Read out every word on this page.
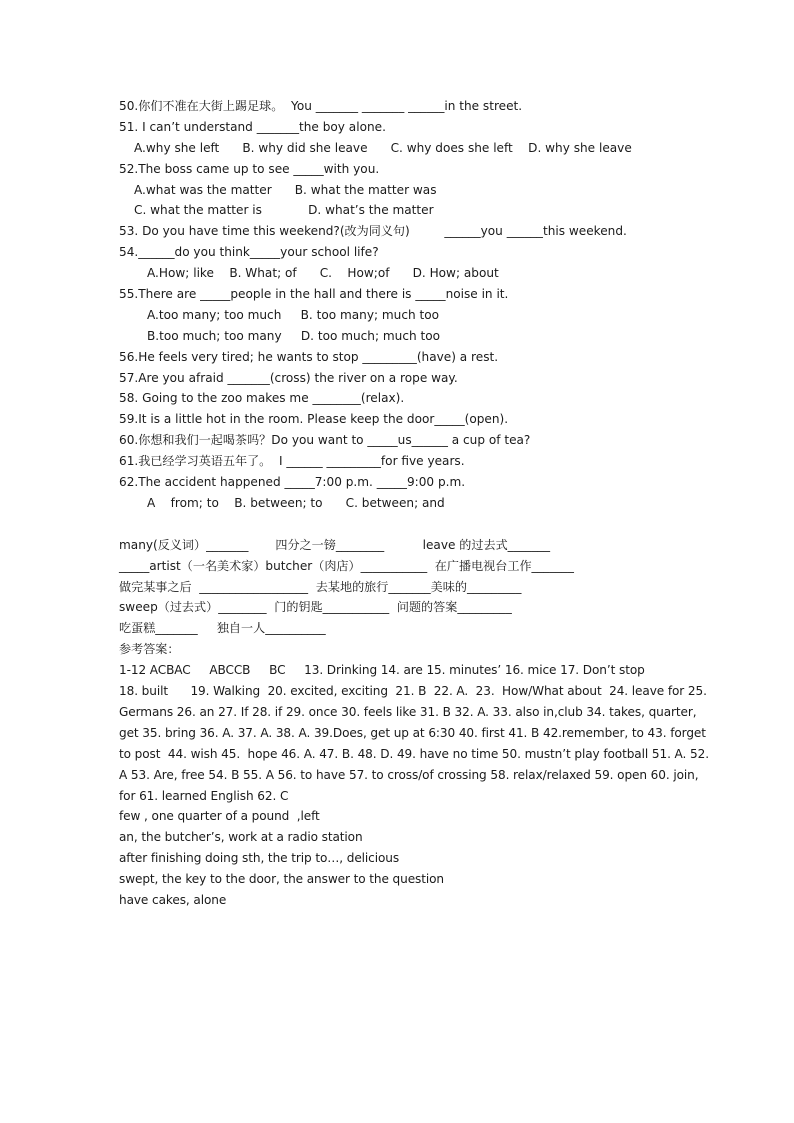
50.你们不准在大街上踢足球。  You _______ _______ ______in the street.
51. I can’t understand _______the boy alone.
A.why she left      B. why did she leave      C. why does she left    D. why she leave
52.The boss came up to see _____with you.
A.what was the matter      B. what the matter was
C. what the matter is            D. what’s the matter
53. Do you have time this weekend?(改为同义句)         ______you ______this weekend.
54.______do you think_____your school life?
A.How; like    B. What; of      C.    How;of      D. How; about
55.There are _____people in the hall and there is _____noise in it.
A.too many; too much     B. too many; much too
B.too much; too many     D. too much; much too
56.He feels very tired; he wants to stop _________(have) a rest.
57.Are you afraid _______(cross) the river on a rope way.
58. Going to the zoo makes me ________(relax).
59.It is a little hot in the room. Please keep the door_____(open).
60.你想和我们一起喝茶吗？Do you want to _____us______ a cup of tea?
61.我已经学习英语五年了。  I ______ _________for five years.
62.The accident happened _____7:00 p.m. _____9:00 p.m.
A    from; to    B. between; to      C. between; and
many(反义词）_______       四分之一镑________          leave 的过去式_______
_____artist（一名美术家）butcher（肉店）___________  在广播电视台工作_______
做完某事之后  __________________  去某地的旅行_______美味的_________
sweep（过去式）________  门的钥匙___________  问题的答案_________
吃蛋糕_______     独自一人__________
参考答案：
1-12 ACBAC     ABCCB     BC     13. Drinking 14. are 15. minutes’ 16. mice 17. Don’t stop
18. built      19. Walking  20. excited, exciting  21. B  22. A.  23.  How/What about  24. leave for 25.
Germans 26. an 27. If 28. if 29. once 30. feels like 31. B 32. A. 33. also in,club 34. takes, quarter,
get 35. bring 36. A. 37. A. 38. A. 39.Does, get up at 6:30 40. first 41. B 42.remember, to 43. forget
to post  44. wish 45.  hope 46. A. 47. B. 48. D. 49. have no time 50. mustn’t play football 51. A. 52.
A 53. Are, free 54. B 55. A 56. to have 57. to cross/of crossing 58. relax/relaxed 59. open 60. join,
for 61. learned English 62. C
few , one quarter of a pound  ,left
an, the butcher’s, work at a radio station
after finishing doing sth, the trip to…, delicious
swept, the key to the door, the answer to the question
have cakes, alone
